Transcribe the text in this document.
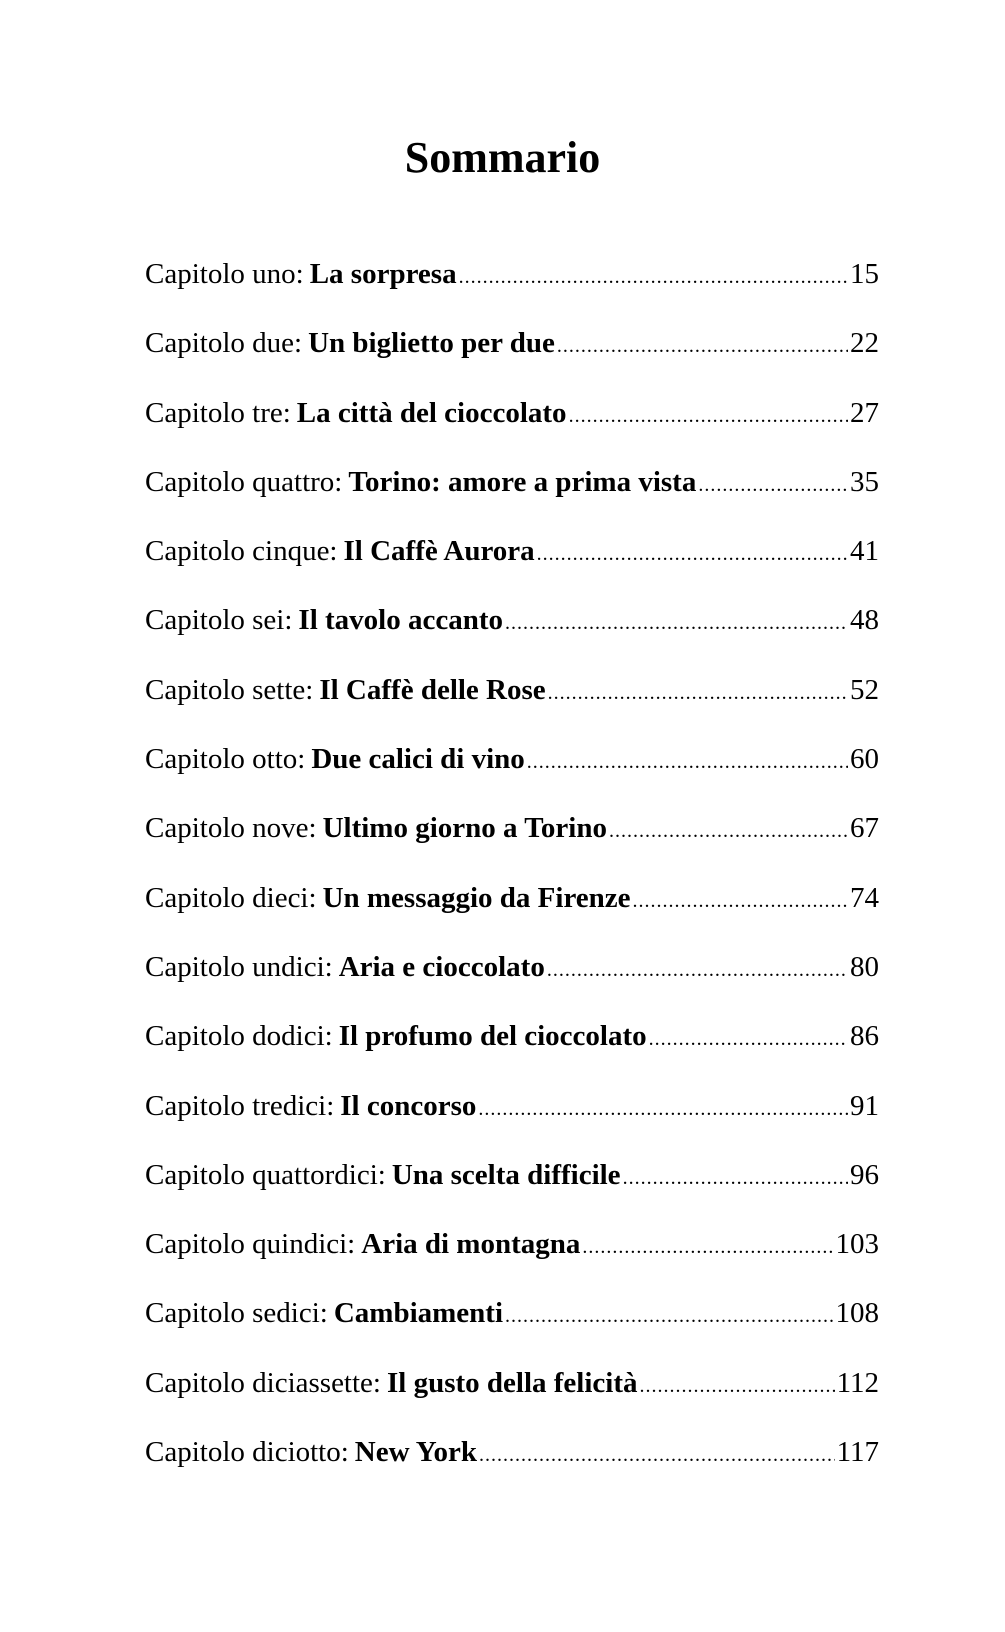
Sommario
Capitolo uno: La sorpresa .....	15
Capitolo due: Un biglietto per due .....	22
Capitolo tre: La città del cioccolato .....	27
Capitolo quattro: Torino: amore a prima vista .....	35
Capitolo cinque: Il Caffè Aurora .....	41
Capitolo sei: Il tavolo accanto .....	48
Capitolo sette: Il Caffè delle Rose .....	52
Capitolo otto: Due calici di vino .....	60
Capitolo nove: Ultimo giorno a Torino .....	67
Capitolo dieci: Un messaggio da Firenze .....	74
Capitolo undici: Aria e cioccolato .....	80
Capitolo dodici: Il profumo del cioccolato .....	86
Capitolo tredici: Il concorso .....	91
Capitolo quattordici: Una scelta difficile .....	96
Capitolo quindici: Aria di montagna .....	103
Capitolo sedici: Cambiamenti .....	108
Capitolo diciassette: Il gusto della felicità .....	112
Capitolo diciotto: New York .....	117
